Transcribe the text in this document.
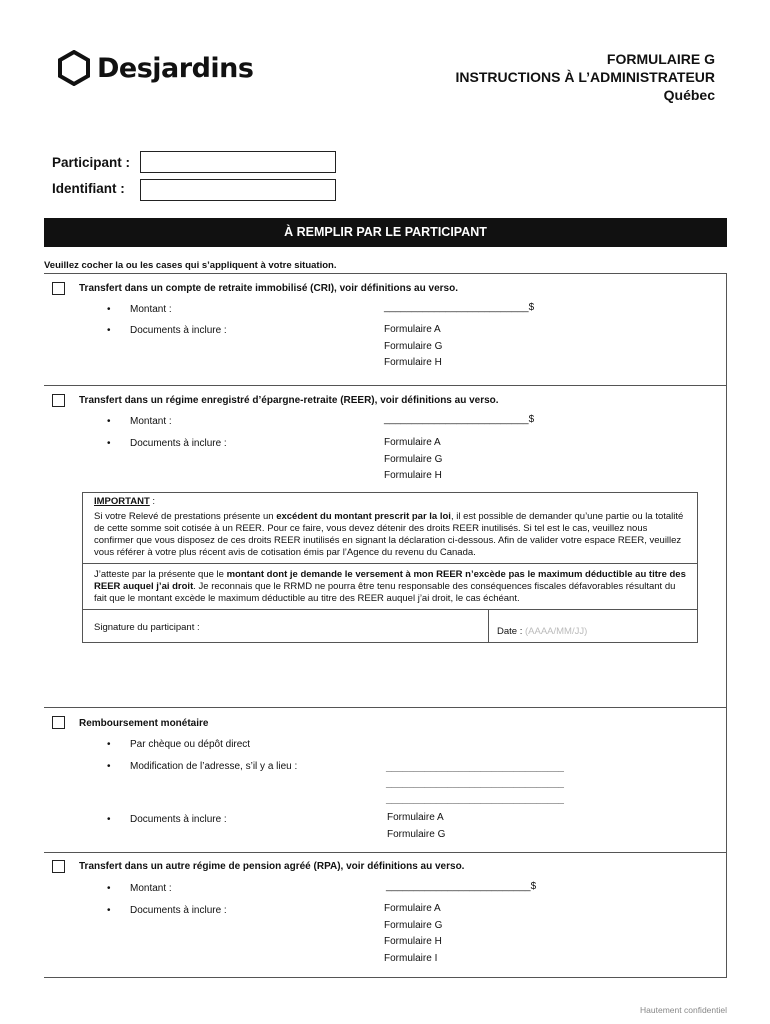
Desjardins	FORMULAIRE G
INSTRUCTIONS À L’ADMINISTRATEUR
Québec
Participant :
Identifiant :
À REMPLIR PAR LE PARTICIPANT
Veuillez cocher la ou les cases qui s’appliquent à votre situation.
Transfert dans un compte de retraite immobilisé (CRI), voir définitions au verso.
• Montant :	__________________________$
• Documents à inclure :	Formulaire A
Formulaire G
Formulaire H
Transfert dans un régime enregistré d’épargne-retraite (REER), voir définitions au verso.
• Montant :	__________________________$
• Documents à inclure :	Formulaire A
Formulaire G
Formulaire H
IMPORTANT :
Si votre Relevé de prestations présente un excédent du montant prescrit par la loi, il est possible de demander qu’une partie ou la totalité de cette somme soit cotisée à un REER. Pour ce faire, vous devez détenir des droits REER inutilisés. Si tel est le cas, veuillez nous confirmer que vous disposez de ces droits REER inutilisés en signant la déclaration ci-dessous. Afin de valider votre espace REER, veuillez vous référer à votre plus récent avis de cotisation émis par l’Agence du revenu du Canada.
J’atteste par la présente que le montant dont je demande le versement à mon REER n’excède pas le maximum déductible au titre des REER auquel j’ai droit. Je reconnais que le RRMD ne pourra être tenu responsable des conséquences fiscales défavorables résultant du fait que le montant excède le maximum déductible au titre des REER auquel j’ai droit, le cas échéant.
Signature du participant :	Date : (AAAA/MM/JJ)
Remboursement monétaire
• Par chèque ou dépôt direct
• Modification de l’adresse, s’il y a lieu :	________________________________
________________________________
________________________________
• Documents à inclure :	Formulaire A
Formulaire G
Transfert dans un autre régime de pension agréé (RPA), voir définitions au verso.
• Montant :	__________________________$
• Documents à inclure :	Formulaire A
Formulaire G
Formulaire H
Formulaire I
Hautement confidentiel
